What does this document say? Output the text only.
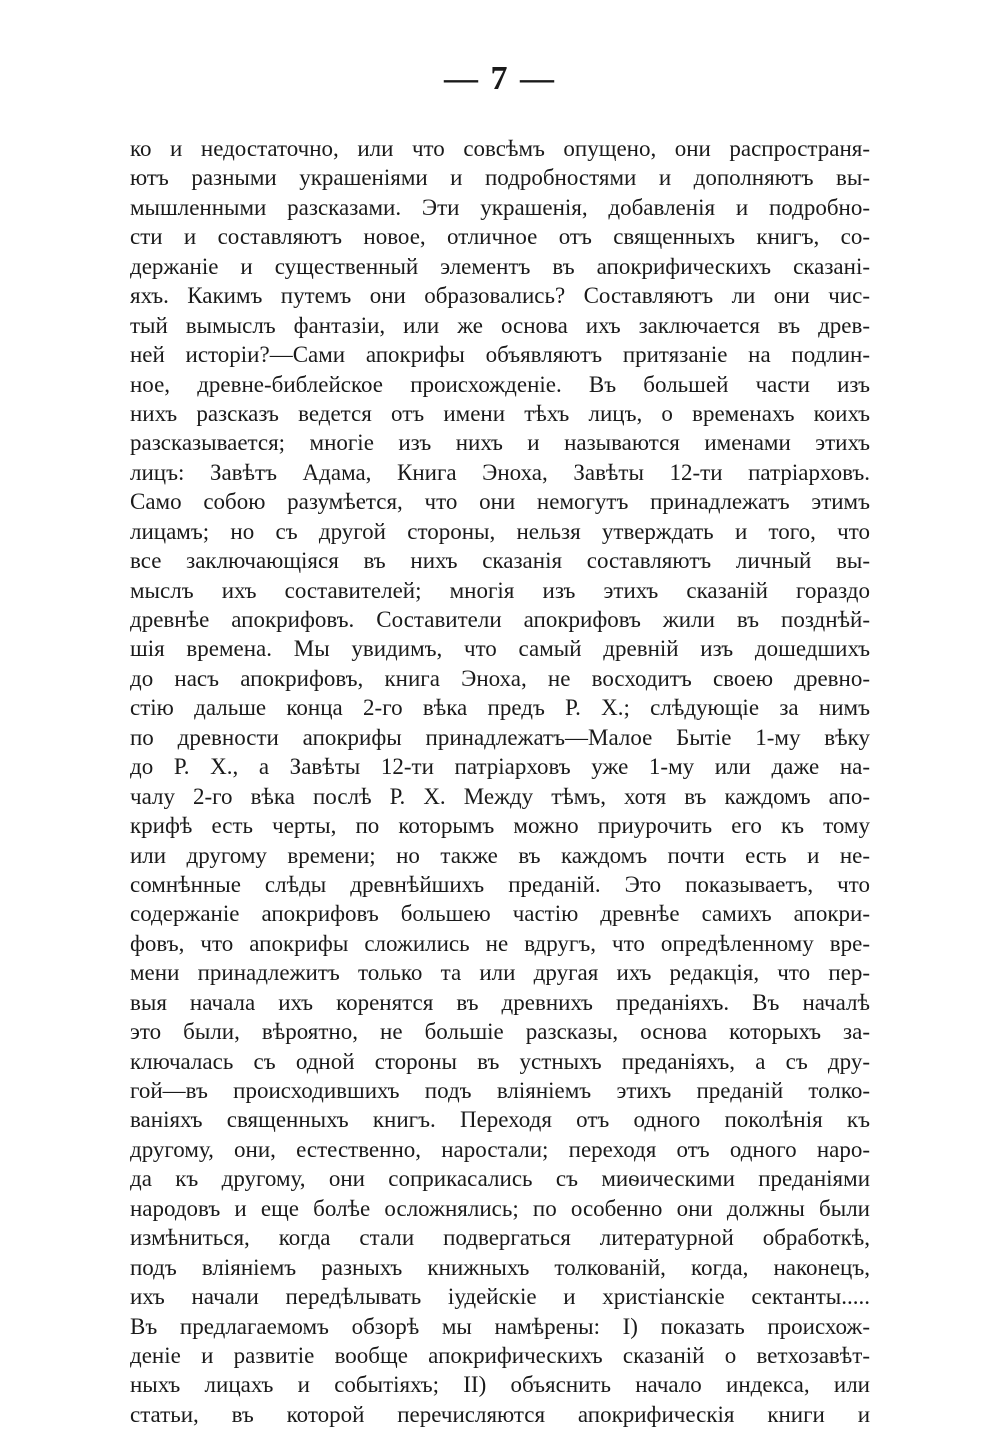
— 7 —
ко и недостаточно, или что совсѣмъ опущено, они распространя-
ютъ разными украшеніями и подробностями и дополняютъ вы-
мышленными разсказами. Эти украшенія, добавленія и подробно-
сти и составляютъ новое, отличное отъ священныхъ книгъ, со-
держаніе и существенный элементъ въ апокрифическихъ сказані-
яхъ. Какимъ путемъ они образовались? Составляютъ ли они чис-
тый вымыслъ фантазіи, или же основа ихъ заключается въ древ-
ней исторіи?—Сами апокрифы объявляютъ притязаніе на подлин-
ное, древне-библейское происхожденіе. Въ большей части изъ
нихъ разсказъ ведется отъ имени тѣхъ лицъ, о временахъ коихъ
разсказывается; многіе изъ нихъ и называются именами этихъ
лицъ: Завѣтъ Адама, Книга Эноха, Завѣты 12-ти патріарховъ.
Само собою разумѣется, что они немогутъ принадлежатъ этимъ
лицамъ; но съ другой стороны, нельзя утверждать и того, что
все заключающіяся въ нихъ сказанія составляютъ личный вы-
мыслъ ихъ составителей; многія изъ этихъ сказаній гораздо
древнѣе апокрифовъ. Составители апокрифовъ жили въ позднѣй-
шія времена. Мы увидимъ, что самый древній изъ дошедшихъ
до насъ апокрифовъ, книга Эноха, не восходитъ своею древно-
стію дальше конца 2-го вѣка предъ Р. Х.; слѣдующіе за нимъ
по древности апокрифы принадлежатъ—Малое Бытіе 1-му вѣку
до Р. Х., а Завѣты 12-ти патріарховъ уже 1-му или даже на-
чалу 2-го вѣка послѣ Р. Х. Между тѣмъ, хотя въ каждомъ апо-
крифѣ есть черты, по которымъ можно приурочить его къ тому
или другому времени; но также въ каждомъ почти есть и не-
сомнѣнные слѣды древнѣйшихъ преданій. Это показываетъ, что
содержаніе апокрифовъ большею частію древнѣе самихъ апокри-
фовъ, что апокрифы сложились не вдругъ, что опредѣленному вре-
мени принадлежитъ только та или другая ихъ редакція, что пер-
выя начала ихъ коренятся въ древнихъ преданіяхъ. Въ началѣ
это были, вѣроятно, не большіе разсказы, основа которыхъ за-
ключалась съ одной стороны въ устныхъ преданіяхъ, а съ дру-
гой—въ происходившихъ подъ вліяніемъ этихъ преданій толко-
ваніяхъ священныхъ книгъ. Переходя отъ одного поколѣнія къ
другому, они, естественно, наростали; переходя отъ одного наро-
да къ другому, они соприкасались съ миѳическими преданіями
народовъ и еще болѣе осложнялись; по особенно они должны были
измѣниться, когда стали подвергаться литературной обработкѣ,
подъ вліяніемъ разныхъ книжныхъ толкованій, когда, наконецъ,
ихъ начали передѣлывать іудейскіе и христіанскіе сектанты.....
Въ предлагаемомъ обзорѣ мы намѣрены: I) показать происхож-
деніе и развитіе вообще апокрифическихъ сказаній о ветхозавѣт-
ныхъ лицахъ и событіяхъ; II) объяснить начало индекса, или
статьи, въ которой перечисляются апокрифическія книги и
